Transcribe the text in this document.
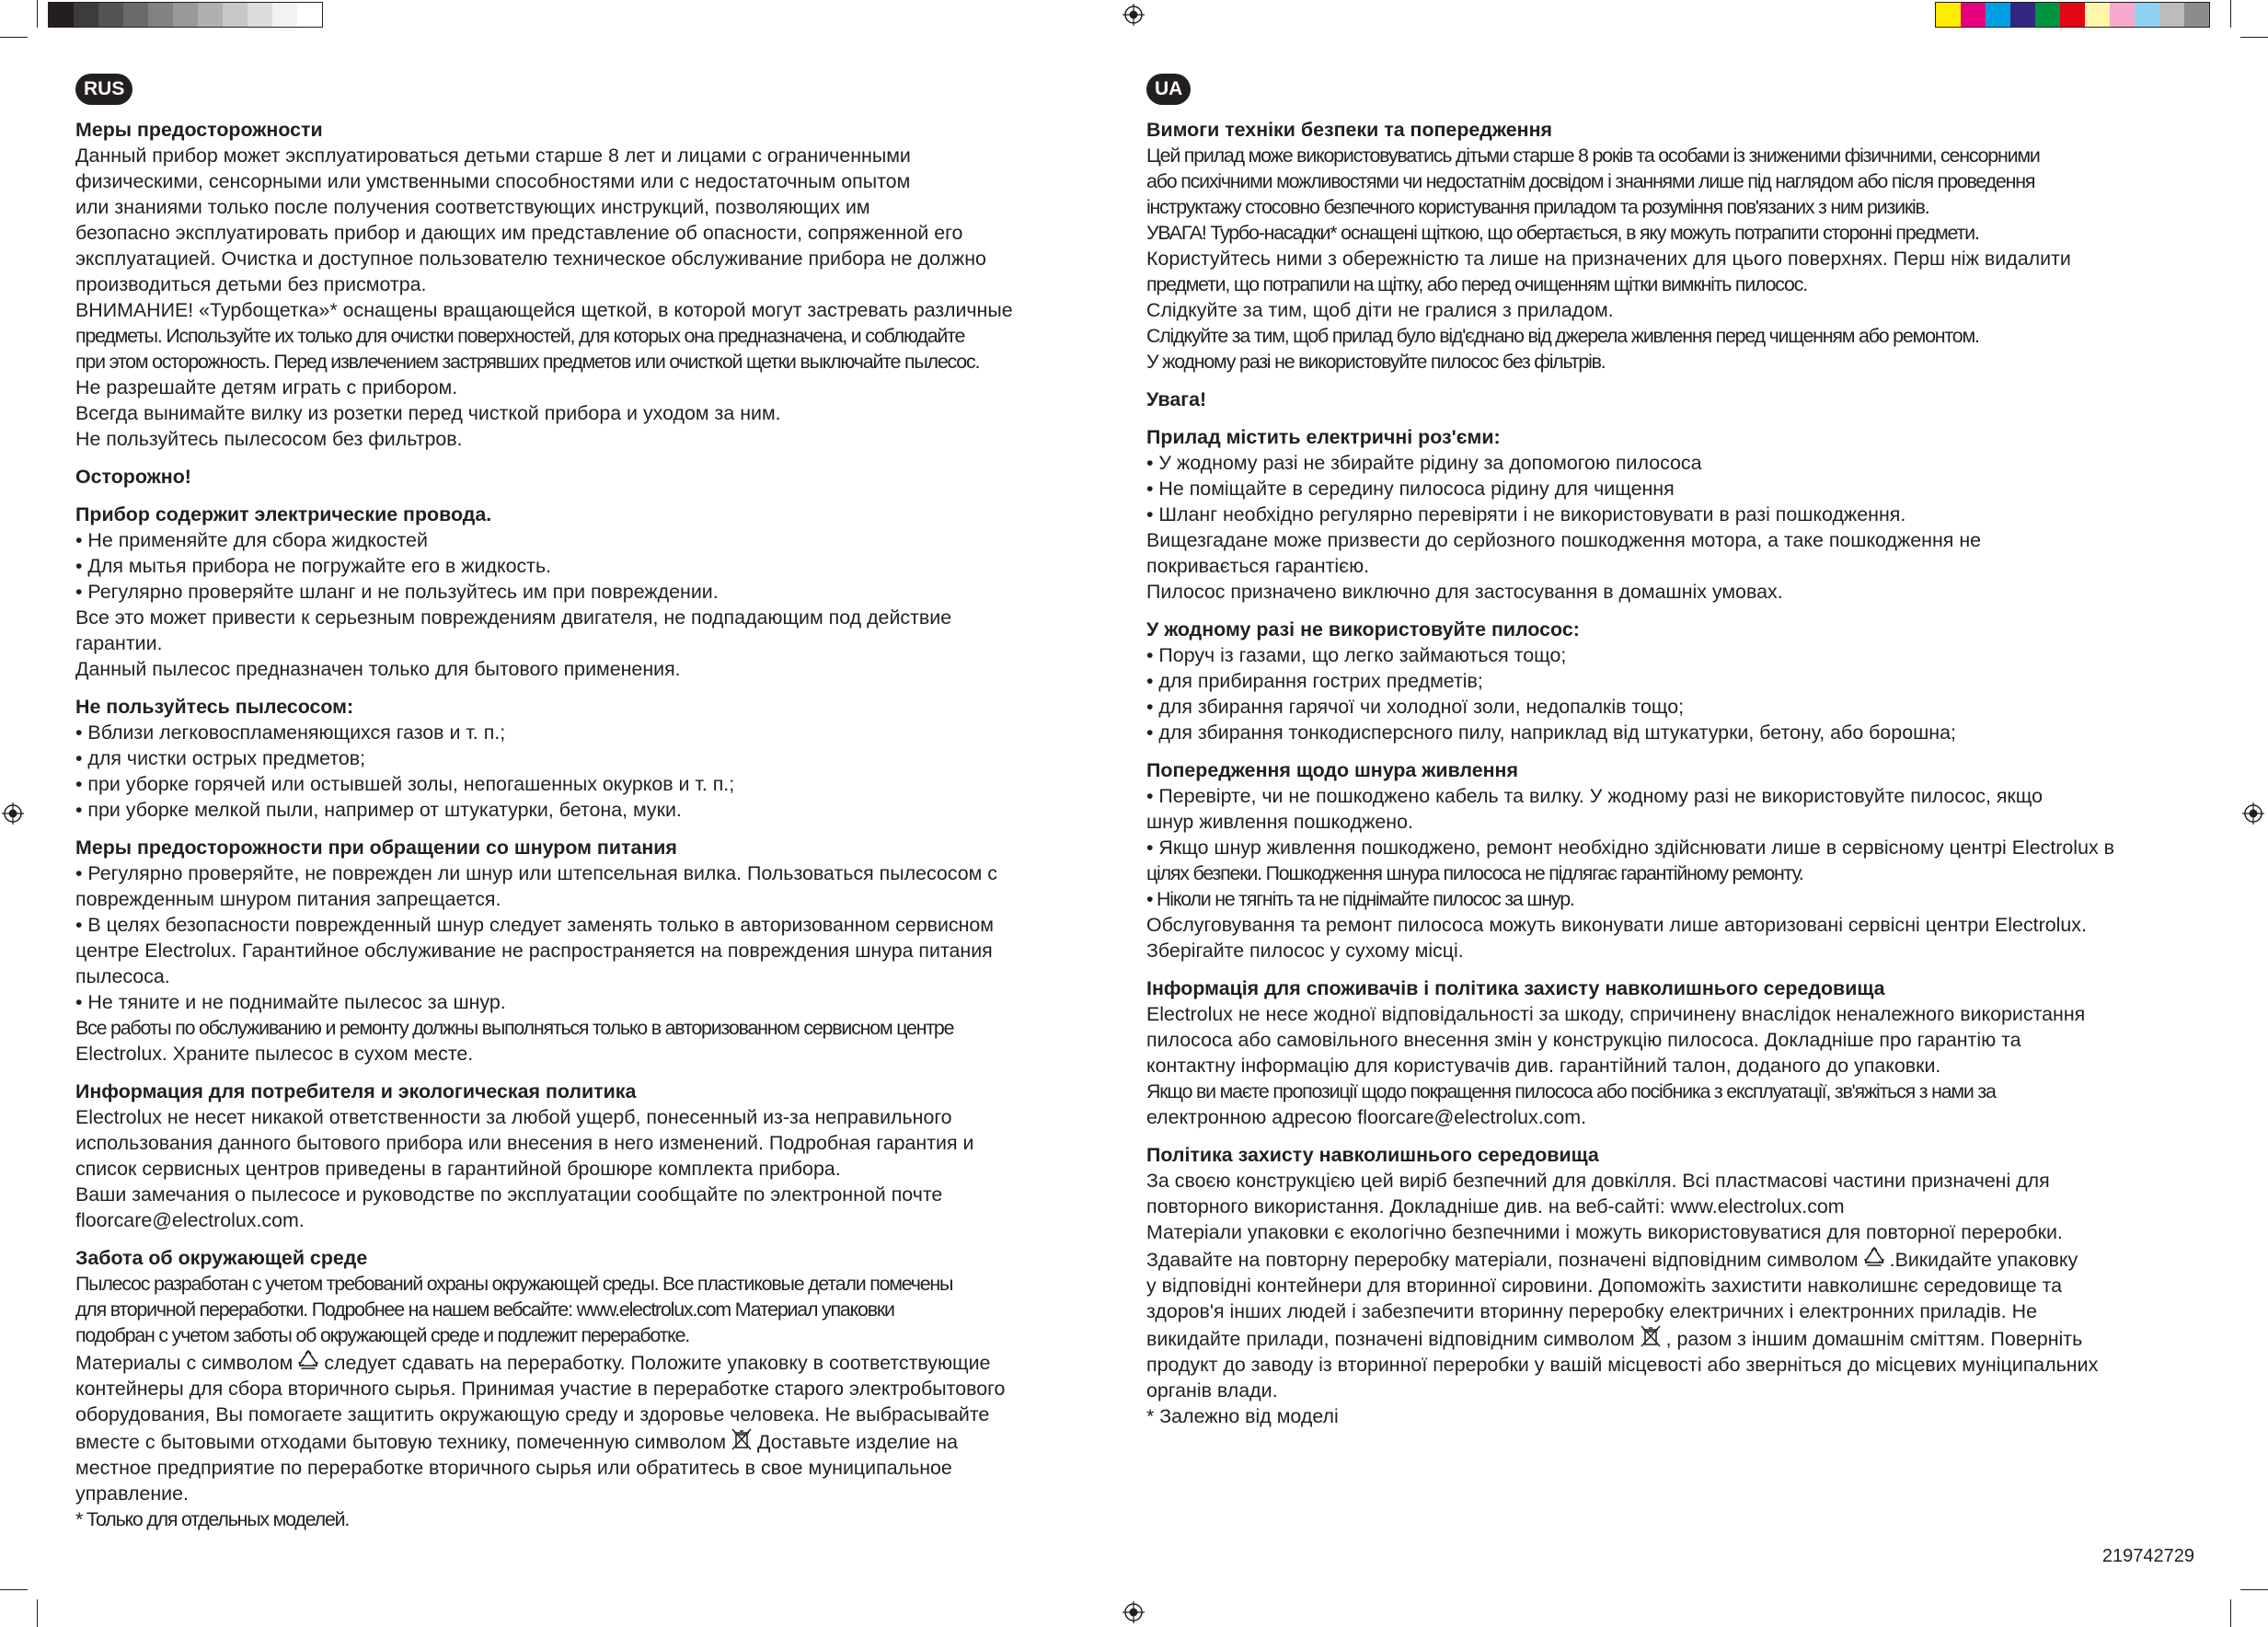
RUS

Меры предосторожности

Данный прибор может эксплуатироваться детьми старше 8 лет и лицами с ограниченными

физическими, сенсорными или умственными способностями или с недостаточным опытом

или знаниями только после получения соответствующих инструкций, позволяющих им

безопасно эксплуатировать прибор и дающих им представление об опасности, сопряженной его

эксплуатацией. Очистка и доступное пользователю техническое обслуживание прибора не должно

производиться детьми без присмотра.

ВНИМАНИЕ! «Турбощетка»* оснащены вращающейся щеткой, в которой могут застревать различные

предметы. Используйте их только для очистки поверхностей, для которых она предназначена, и соблюдайте

при этом осторожность. Перед извлечением застрявших предметов или очисткой щетки выключайте пылесос.

Не разрешайте детям играть с прибором.

Всегда вынимайте вилку из розетки перед чисткой прибора и уходом за ним.

Не пользуйтесь пылесосом без фильтров.

Осторожно!

Прибор содержит электрические провода.

• Не применяйте для сбора жидкостей

• Для мытья прибора не погружайте его в жидкость.

• Регулярно проверяйте шланг и не пользуйтесь им при повреждении.

Все это может привести к серьезным повреждениям двигателя, не подпадающим под действие

гарантии.

Данный пылесос предназначен только для бытового применения.

Не пользуйтесь пылесосом:

• Вблизи легковоспламеняющихся газов и т. п.;

• для чистки острых предметов;

• при уборке горячей или остывшей золы, непогашенных окурков и т. п.;

• при уборке мелкой пыли, например от штукатурки, бетона, муки.

Меры предосторожности при обращении со шнуром питания

• Регулярно проверяйте, не поврежден ли шнур или штепсельная вилка. Пользоваться пылесосом с

поврежденным шнуром питания запрещается.

• В целях безопасности поврежденный шнур следует заменять только в авторизованном сервисном

центре Electrolux. Гарантийное обслуживание не распространяется на повреждения шнура питания

пылесоса.

• Не тяните и не поднимайте пылесос за шнур.

Все работы по обслуживанию и ремонту должны выполняться только в авторизованном сервисном центре

Electrolux. Храните пылесос в сухом месте.

Информация для потребителя и экологическая политика

Electrolux не несет никакой ответственности за любой ущерб, понесенный из-за неправильного

использования данного бытового прибора или внесения в него изменений. Подробная гарантия и

список сервисных центров приведены в гарантийной брошюре комплекта прибора.

Ваши замечания о пылесосе и руководстве по эксплуатации сообщайте по электронной почте

floorcare@electrolux.com.

Забота об окружающей среде

Пылесос разработан с учетом требований охраны окружающей среды. Все пластиковые детали помечены

для вторичной переработки. Подробнее на нашем вебсайте: www.electrolux.com Материал упаковки

подобран с учетом заботы об окружающей среде и подлежит переработке.

Материалы с символом следует сдавать на переработку. Положите упаковку в соответствующие

контейнеры для сбора вторичного сырья. Принимая участие в переработке старого электробытового

оборудования, Вы помогаете защитить окружающую среду и здоровье человека. Не выбрасывайте

вместе с бытовыми отходами бытовую технику, помеченную символом Доставьте изделие на

местное предприятие по переработке вторичного сырья или обратитесь в свое муниципальное

управление.

* Только для отдельных моделей.

UA

Вимоги техніки безпеки та попередження

Цей прилад може використовуватись дітьми старше 8 років та особами із зниженими фізичними, сенсорними

або психічними можливостями чи недостатнім досвідом і знаннями лише під наглядом або після проведення

інструктажу стосовно безпечного користування приладом та розуміння пов'язаних з ним ризиків.

УВАГА! Турбо-насадки* оснащені щіткою, що обертається, в яку можуть потрапити сторонні предмети.

Користуйтесь ними з обережністю та лише на призначених для цього поверхнях. Перш ніж видалити

предмети, що потрапили на щітку, або перед очищенням щітки вимкніть пилосос.

Слідкуйте за тим, щоб діти не гралися з приладом.

Слідкуйте за тим, щоб прилад було від'єднано від джерела живлення перед чищенням або ремонтом.

У жодному разі не використовуйте пилосос без фільтрів.

Увага!

Прилад містить електричні роз'єми:

• У жодному разі не збирайте рідину за допомогою пилососа

• Не поміщайте в середину пилососа рідину для чищення

• Шланг необхідно регулярно перевіряти і не використовувати в разі пошкодження.

Вищезгадане може призвести до серйозного пошкодження мотора, а таке пошкодження не

покривається гарантією.

Пилосос призначено виключно для застосування в домашніх умовах.

У жодному разі не використовуйте пилосос:

• Поруч із газами, що легко займаються тощо;

• для прибирання гострих предметів;

• для збирання гарячої чи холодної золи, недопалків тощо;

• для збирання тонкодисперсного пилу, наприклад від штукатурки, бетону, або борошна;

Попередження щодо шнура живлення

• Перевірте, чи не пошкоджено кабель та вилку. У жодному разі не використовуйте пилосос, якщо

шнур живлення пошкоджено.

• Якщо шнур живлення пошкоджено, ремонт необхідно здійснювати лише в сервісному центрі Electrolux в

цілях безпеки. Пошкодження шнура пилососа не підлягає гарантійному ремонту.

• Ніколи не тягніть та не піднімайте пилосос за шнур.

Обслуговування та ремонт пилососа можуть виконувати лише авторизовані сервісні центри Electrolux.

Зберігайте пилосос у сухому місці.

Інформація для споживачів і політика захисту навколишнього середовища

Electrolux не несе жодної відповідальності за шкоду, спричинену внаслідок неналежного використання

пилососа або самовільного внесення змін у конструкцію пилососа. Докладніше про гарантію та

контактну інформацію для користувачів див. гарантійний талон, доданого до упаковки.

Якщо ви маєте пропозиції щодо покращення пилососа або посібника з експлуатації, зв'яжіться з нами за

електронною адресою floorcare@electrolux.com.

Політика захисту навколишнього середовища

За своєю конструкцією цей виріб безпечний для довкілля. Всі пластмасові частини призначені для

повторного використання. Докладніше див. на веб-сайті: www.electrolux.com

Матеріали упаковки є екологічно безпечними і можуть використовуватися для повторної переробки.

Здавайте на повторну переробку матеріали, позначені відповідним символом .Викидайте упаковку

у відповідні контейнери для вторинної сировини. Допоможіть захистити навколишнє середовище та

здоров'я інших людей і забезпечити вторинну переробку електричних і електронних приладів. Не

викидайте прилади, позначені відповідним символом , разом з іншим домашнім сміттям. Поверніть

продукт до заводу із вторинної переробки у вашій місцевості або зверніться до місцевих муніципальних

органів влади.

* Залежно від моделі

219742729
